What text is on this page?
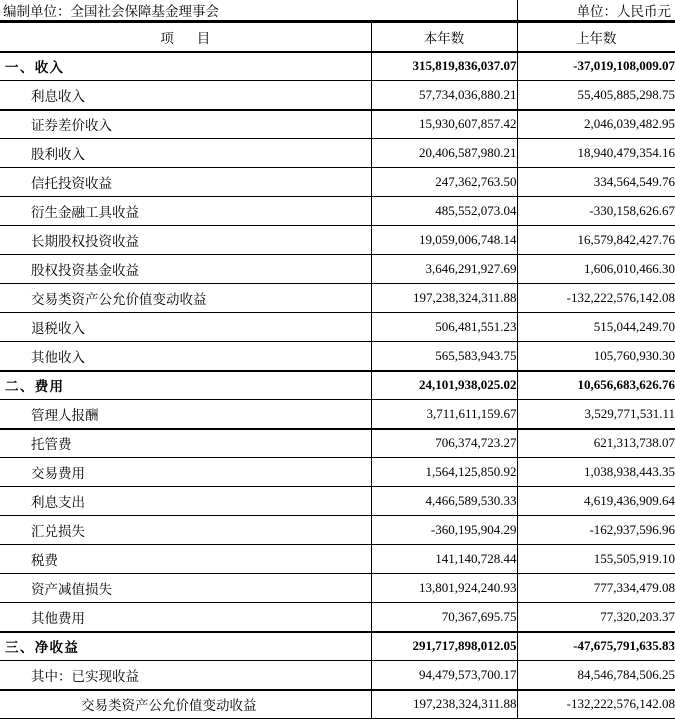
编制单位：全国社会保障基金理事会	单位：人民币元
项　目	本年数	上年数
一、收入	315,819,836,037.07	-37,019,108,009.07
利息收入	57,734,036,880.21	55,405,885,298.75
证券差价收入	15,930,607,857.42	2,046,039,482.95
股利收入	20,406,587,980.21	18,940,479,354.16
信托投资收益	247,362,763.50	334,564,549.76
衍生金融工具收益	485,552,073.04	-330,158,626.67
长期股权投资收益	19,059,006,748.14	16,579,842,427.76
股权投资基金收益	3,646,291,927.69	1,606,010,466.30
交易类资产公允价值变动收益	197,238,324,311.88	-132,222,576,142.08
退税收入	506,481,551.23	515,044,249.70
其他收入	565,583,943.75	105,760,930.30
二、费用	24,101,938,025.02	10,656,683,626.76
管理人报酬	3,711,611,159.67	3,529,771,531.11
托管费	706,374,723.27	621,313,738.07
交易费用	1,564,125,850.92	1,038,938,443.35
利息支出	4,466,589,530.33	4,619,436,909.64
汇兑损失	-360,195,904.29	-162,937,596.96
税费	141,140,728.44	155,505,919.10
资产减值损失	13,801,924,240.93	777,334,479.08
其他费用	70,367,695.75	77,320,203.37
三、净收益	291,717,898,012.05	-47,675,791,635.83
其中：已实现收益	94,479,573,700.17	84,546,784,506.25
交易类资产公允价值变动收益	197,238,324,311.88	-132,222,576,142.08
